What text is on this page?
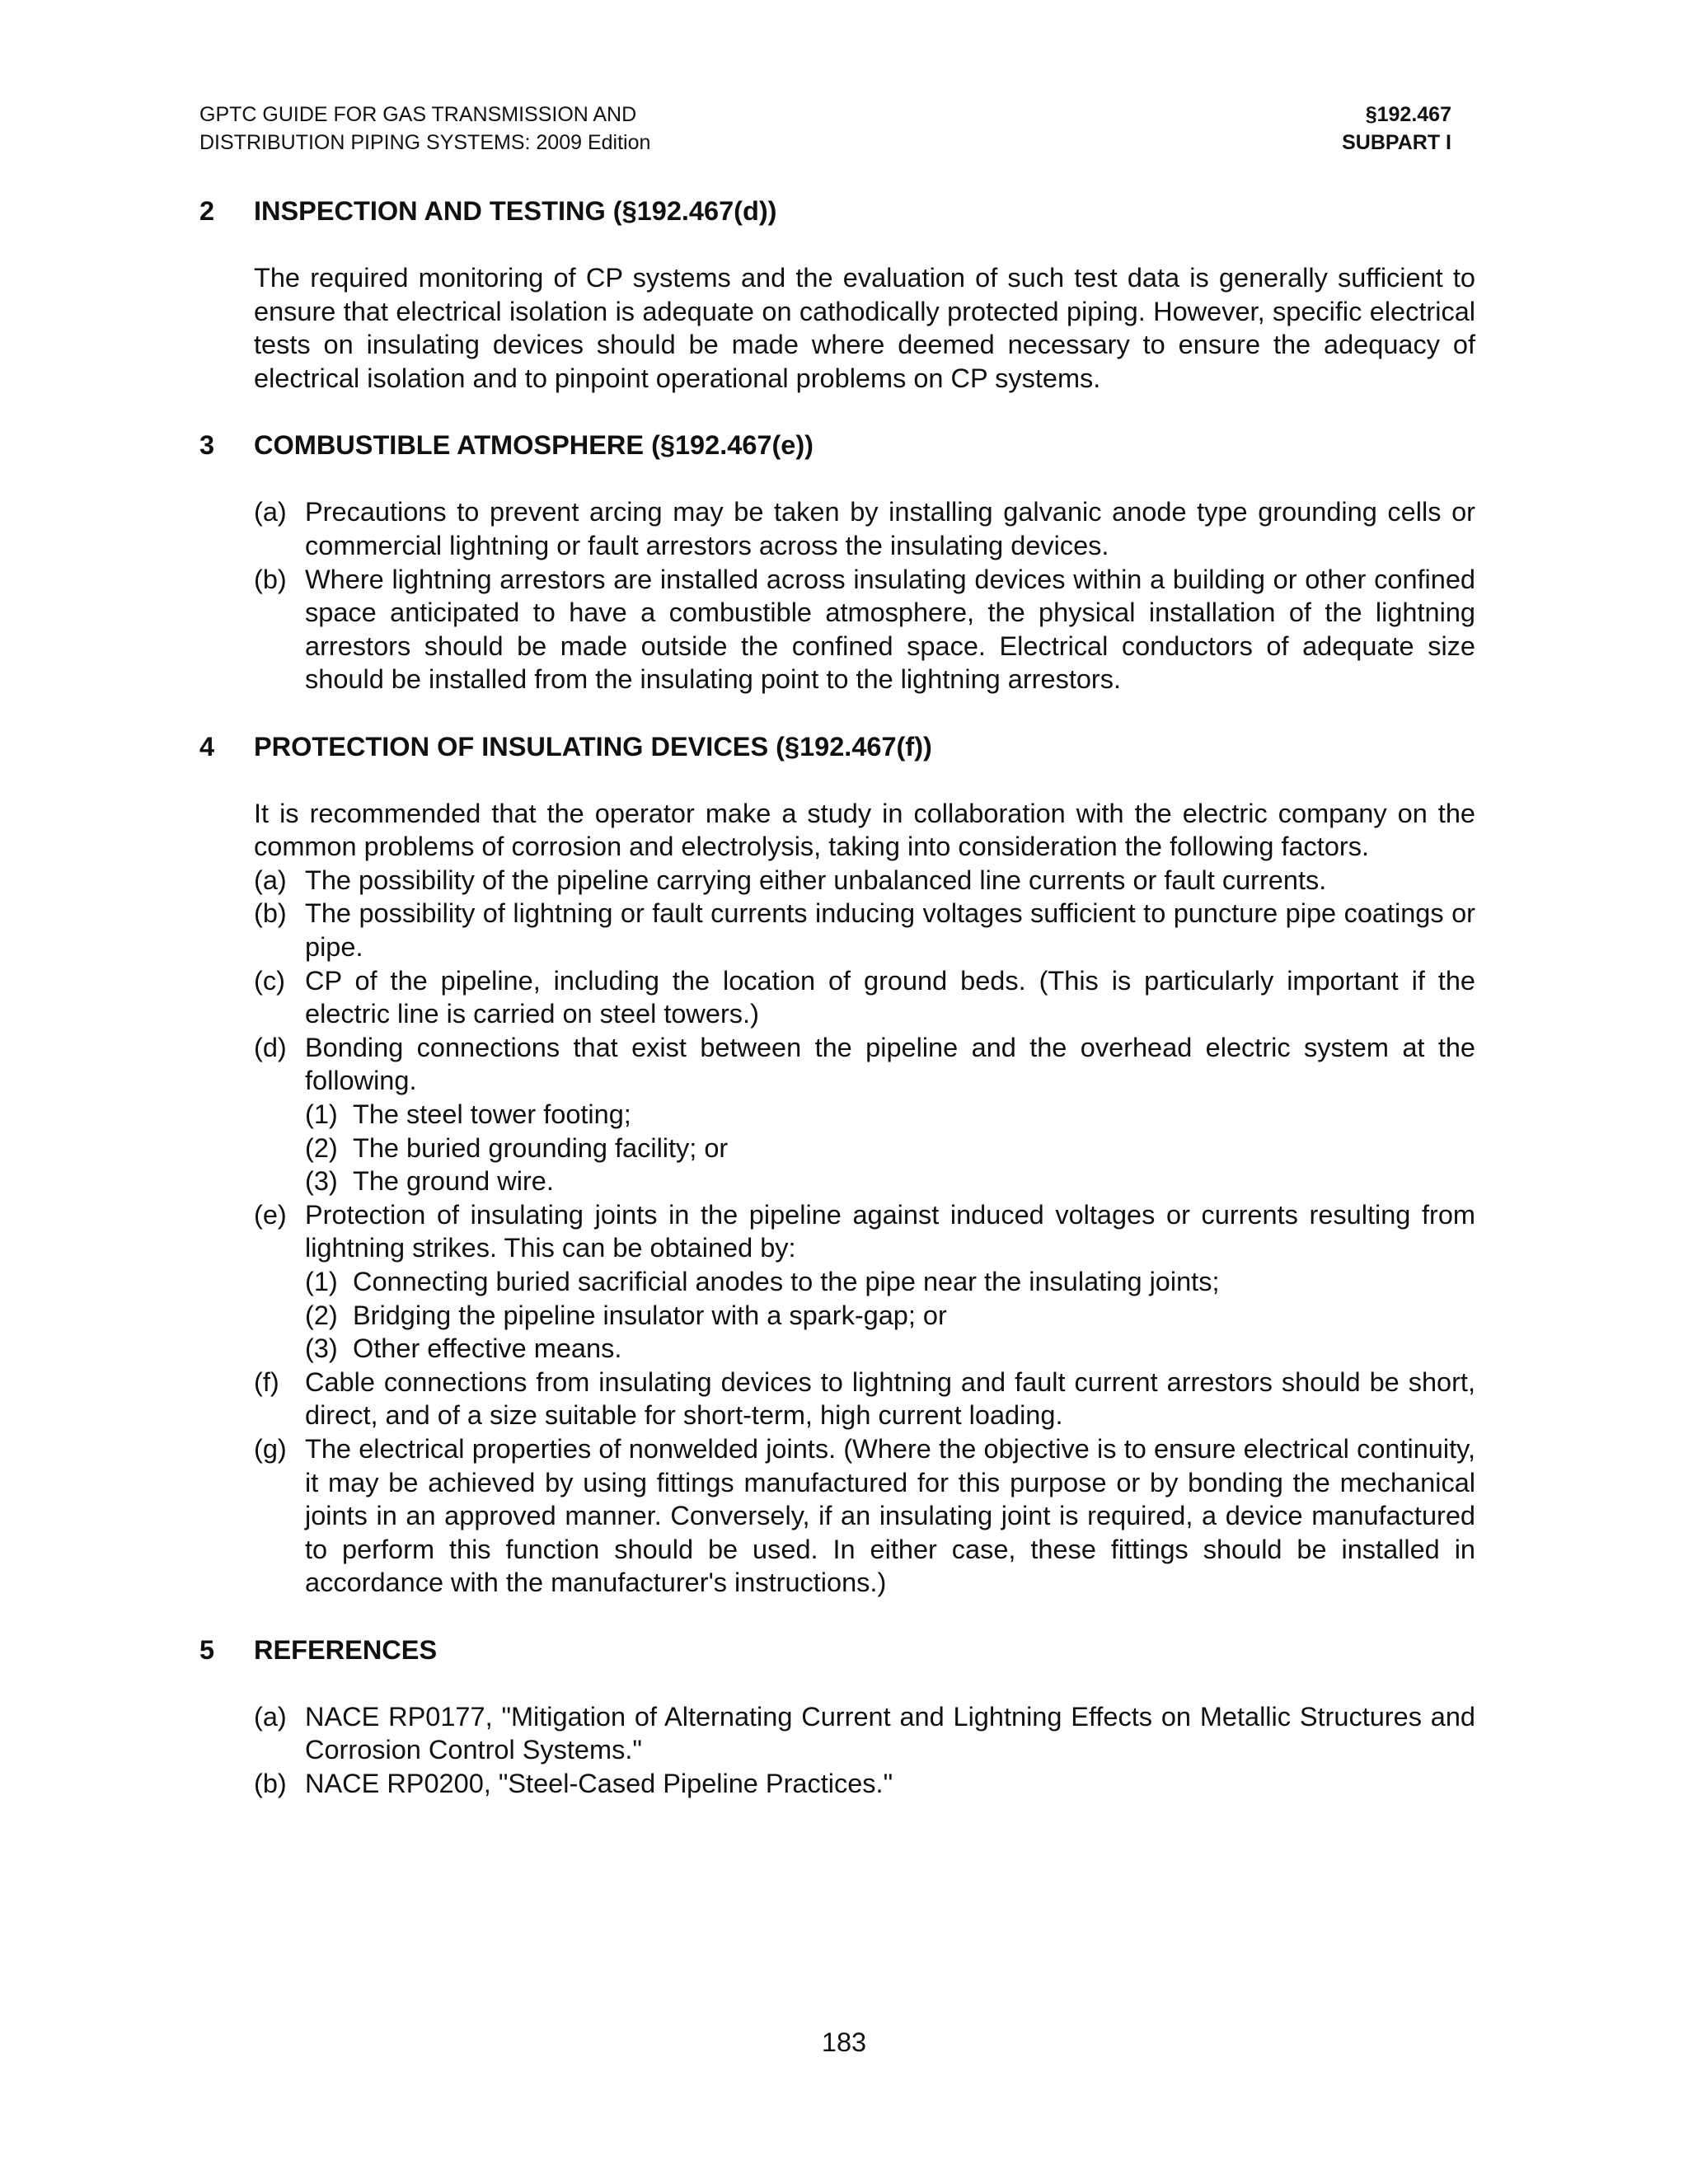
GPTC GUIDE FOR GAS TRANSMISSION AND
DISTRIBUTION PIPING SYSTEMS: 2009 Edition
§192.467
SUBPART I
2 INSPECTION AND TESTING (§192.467(d))

The required monitoring of CP systems and the evaluation of such test data is generally sufficient to ensure that electrical isolation is adequate on cathodically protected piping. However, specific electrical tests on insulating devices should be made where deemed necessary to ensure the adequacy of electrical isolation and to pinpoint operational problems on CP systems.

3 COMBUSTIBLE ATMOSPHERE (§192.467(e))
(a) Precautions to prevent arcing may be taken by installing galvanic anode type grounding cells or commercial lightning or fault arrestors across the insulating devices.
(b) Where lightning arrestors are installed across insulating devices within a building or other confined space anticipated to have a combustible atmosphere, the physical installation of the lightning arrestors should be made outside the confined space. Electrical conductors of adequate size should be installed from the insulating point to the lightning arrestors.
4 PROTECTION OF INSULATING DEVICES (§192.467(f))

It is recommended that the operator make a study in collaboration with the electric company on the common problems of corrosion and electrolysis, taking into consideration the following factors.

(a) The possibility of the pipeline carrying either unbalanced line currents or fault currents.
(b) The possibility of lightning or fault currents inducing voltages sufficient to puncture pipe coatings or pipe.
(c) CP of the pipeline, including the location of ground beds. (This is particularly important if the electric line is carried on steel towers.)
(d) Bonding connections that exist between the pipeline and the overhead electric system at the following.
(1) The steel tower footing;
(2) The buried grounding facility; or
(3) The ground wire.
(e) Protection of insulating joints in the pipeline against induced voltages or currents resulting from lightning strikes. This can be obtained by:
(1) Connecting buried sacrificial anodes to the pipe near the insulating joints;
(2) Bridging the pipeline insulator with a spark-gap; or
(3) Other effective means.
(f) Cable connections from insulating devices to lightning and fault current arrestors should be short, direct, and of a size suitable for short-term, high current loading.
(g) The electrical properties of nonwelded joints. (Where the objective is to ensure electrical continuity, it may be achieved by using fittings manufactured for this purpose or by bonding the mechanical joints in an approved manner. Conversely, if an insulating joint is required, a device manufactured to perform this function should be used. In either case, these fittings should be installed in accordance with the manufacturer's instructions.)
5 REFERENCES
(a) NACE RP0177, "Mitigation of Alternating Current and Lightning Effects on Metallic Structures and Corrosion Control Systems."
(b) NACE RP0200, "Steel-Cased Pipeline Practices."
183
